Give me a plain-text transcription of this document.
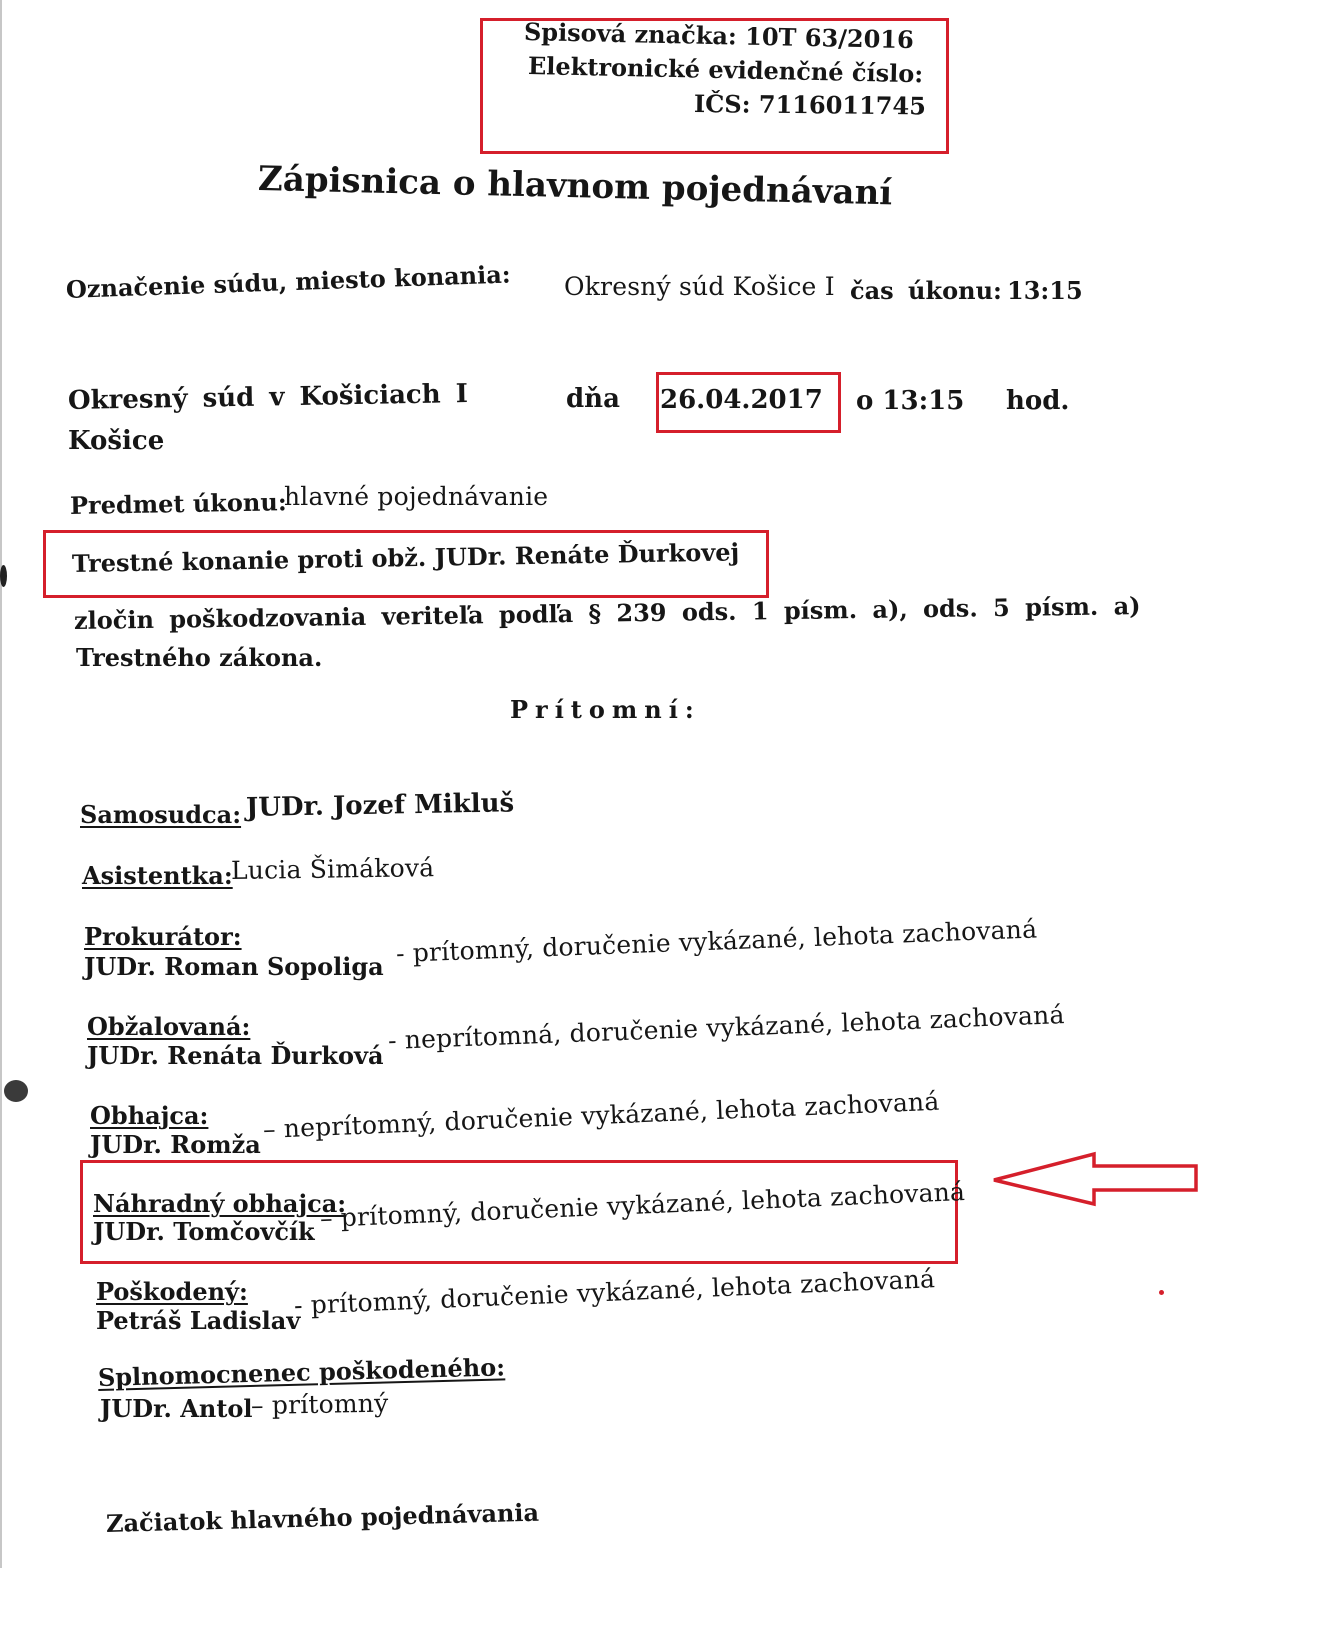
Spisová značka: 10T 63/2016
Elektronické evidenčné číslo:
IČS: 7116011745
Zápisnica o hlavnom pojednávaní
Označenie súdu, miesto konania: Okresný súd Košice I čas úkonu: 13:15
Okresný súd v Košiciach I
Košice
dňa 26.04.2017 o 13:15 hod.
Predmet úkonu:
hlavné pojednávanie
Trestné konanie proti obž. JUDr. Renáte Ďurkovej
zločin poškodzovania veriteľa podľa § 239 ods. 1 písm. a), ods. 5 písm. a)
Trestného zákona.
Prítomní:
Samosudca: JUDr. Jozef Mikluš
Asistentka:
Lucia Šimáková
Prokurátor:
JUDr. Roman Sopoliga - prítomný, doručenie vykázané, lehota zachovaná
Obžalovaná:
JUDr. Renáta Ďurková
- neprítomná, doručenie vykázané, lehota zachovaná
Obhajca:
JUDr. Romža
– neprítomný, doručenie vykázané, lehota zachovaná
Náhradný obhajca:
JUDr. Tomčovčík – prítomný, doručenie vykázané, lehota zachovaná
Poškodený:
Petráš Ladislav
- prítomný, doručenie vykázané, lehota zachovaná
Splnomocnenec poškodeného:
JUDr. Antol
– prítomný
Začiatok hlavného pojednávania
